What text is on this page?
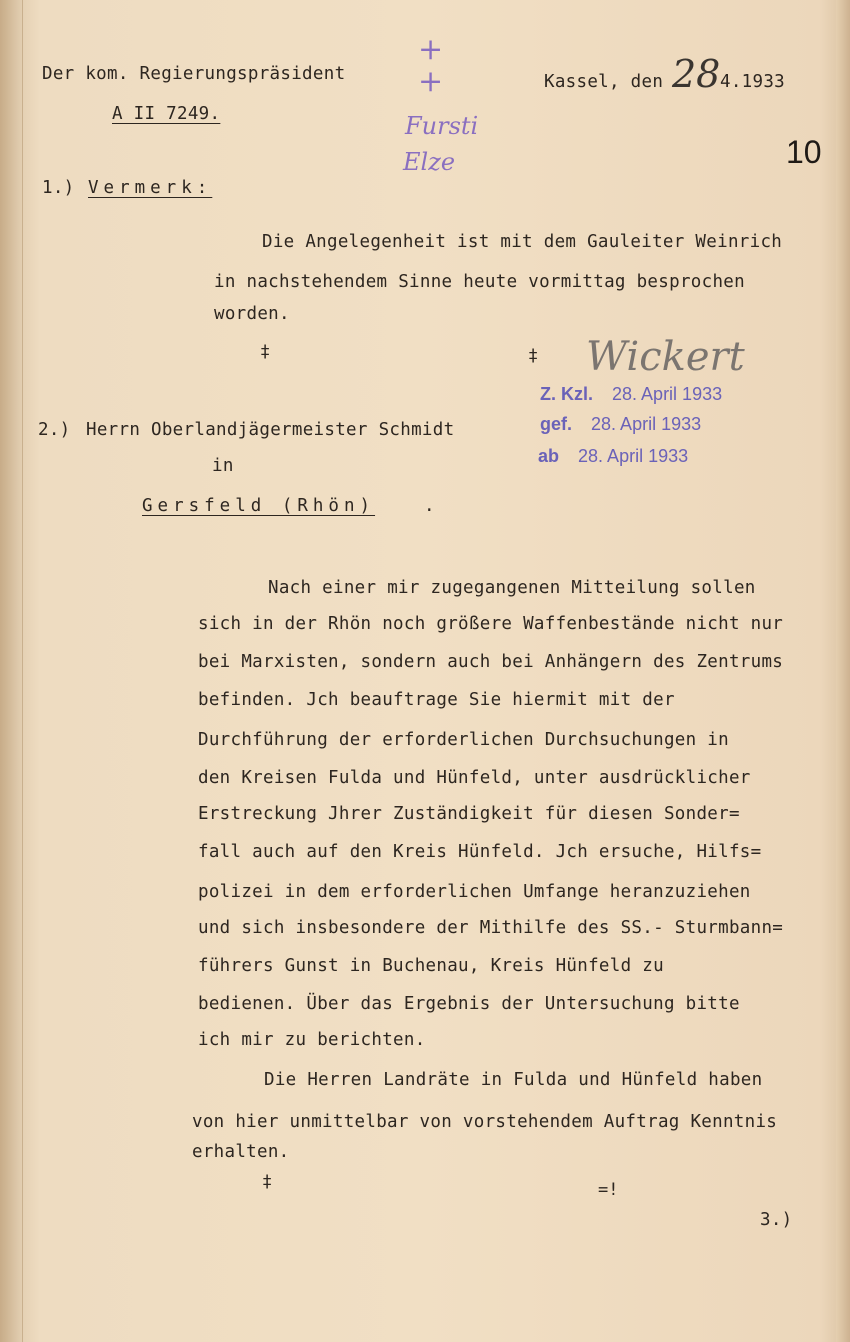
Der kom. Regierungspräsident
A II 7249.
Kassel, den 28 4.1933
10
+
+
Fursti
Elze
1.) Vermerk:
Die Angelegenheit ist mit dem Gauleiter Weinrich
in nachstehendem Sinne heute vormittag besprochen
worden.
‡	‡ Wickert
Z. Kzl. 28. April 1933
gef. 28. April 1933
ab 28. April 1933
2.) Herrn Oberlandjägermeister Schmidt
in
Gersfeld (Rhön)	.
Nach einer mir zugegangenen Mitteilung sollen
sich in der Rhön noch größere Waffenbestände nicht nur
bei Marxisten, sondern auch bei Anhängern des Zentrums
befinden. Jch beauftrage Sie hiermit mit der
Durchführung der erforderlichen Durchsuchungen in
den Kreisen Fulda und Hünfeld, unter ausdrücklicher
Erstreckung Jhrer Zuständigkeit für diesen Sonder=
fall auch auf den Kreis Hünfeld. Jch ersuche, Hilfs=
polizei in dem erforderlichen Umfange heranzuziehen
und sich insbesondere der Mithilfe des SS.- Sturmbann=
führers Gunst in Buchenau, Kreis Hünfeld zu
bedienen. Über das Ergebnis der Untersuchung bitte
ich mir zu berichten.
Die Herren Landräte in Fulda und Hünfeld haben
von hier unmittelbar von vorstehendem Auftrag Kenntnis
erhalten.
‡	=!
3.)
